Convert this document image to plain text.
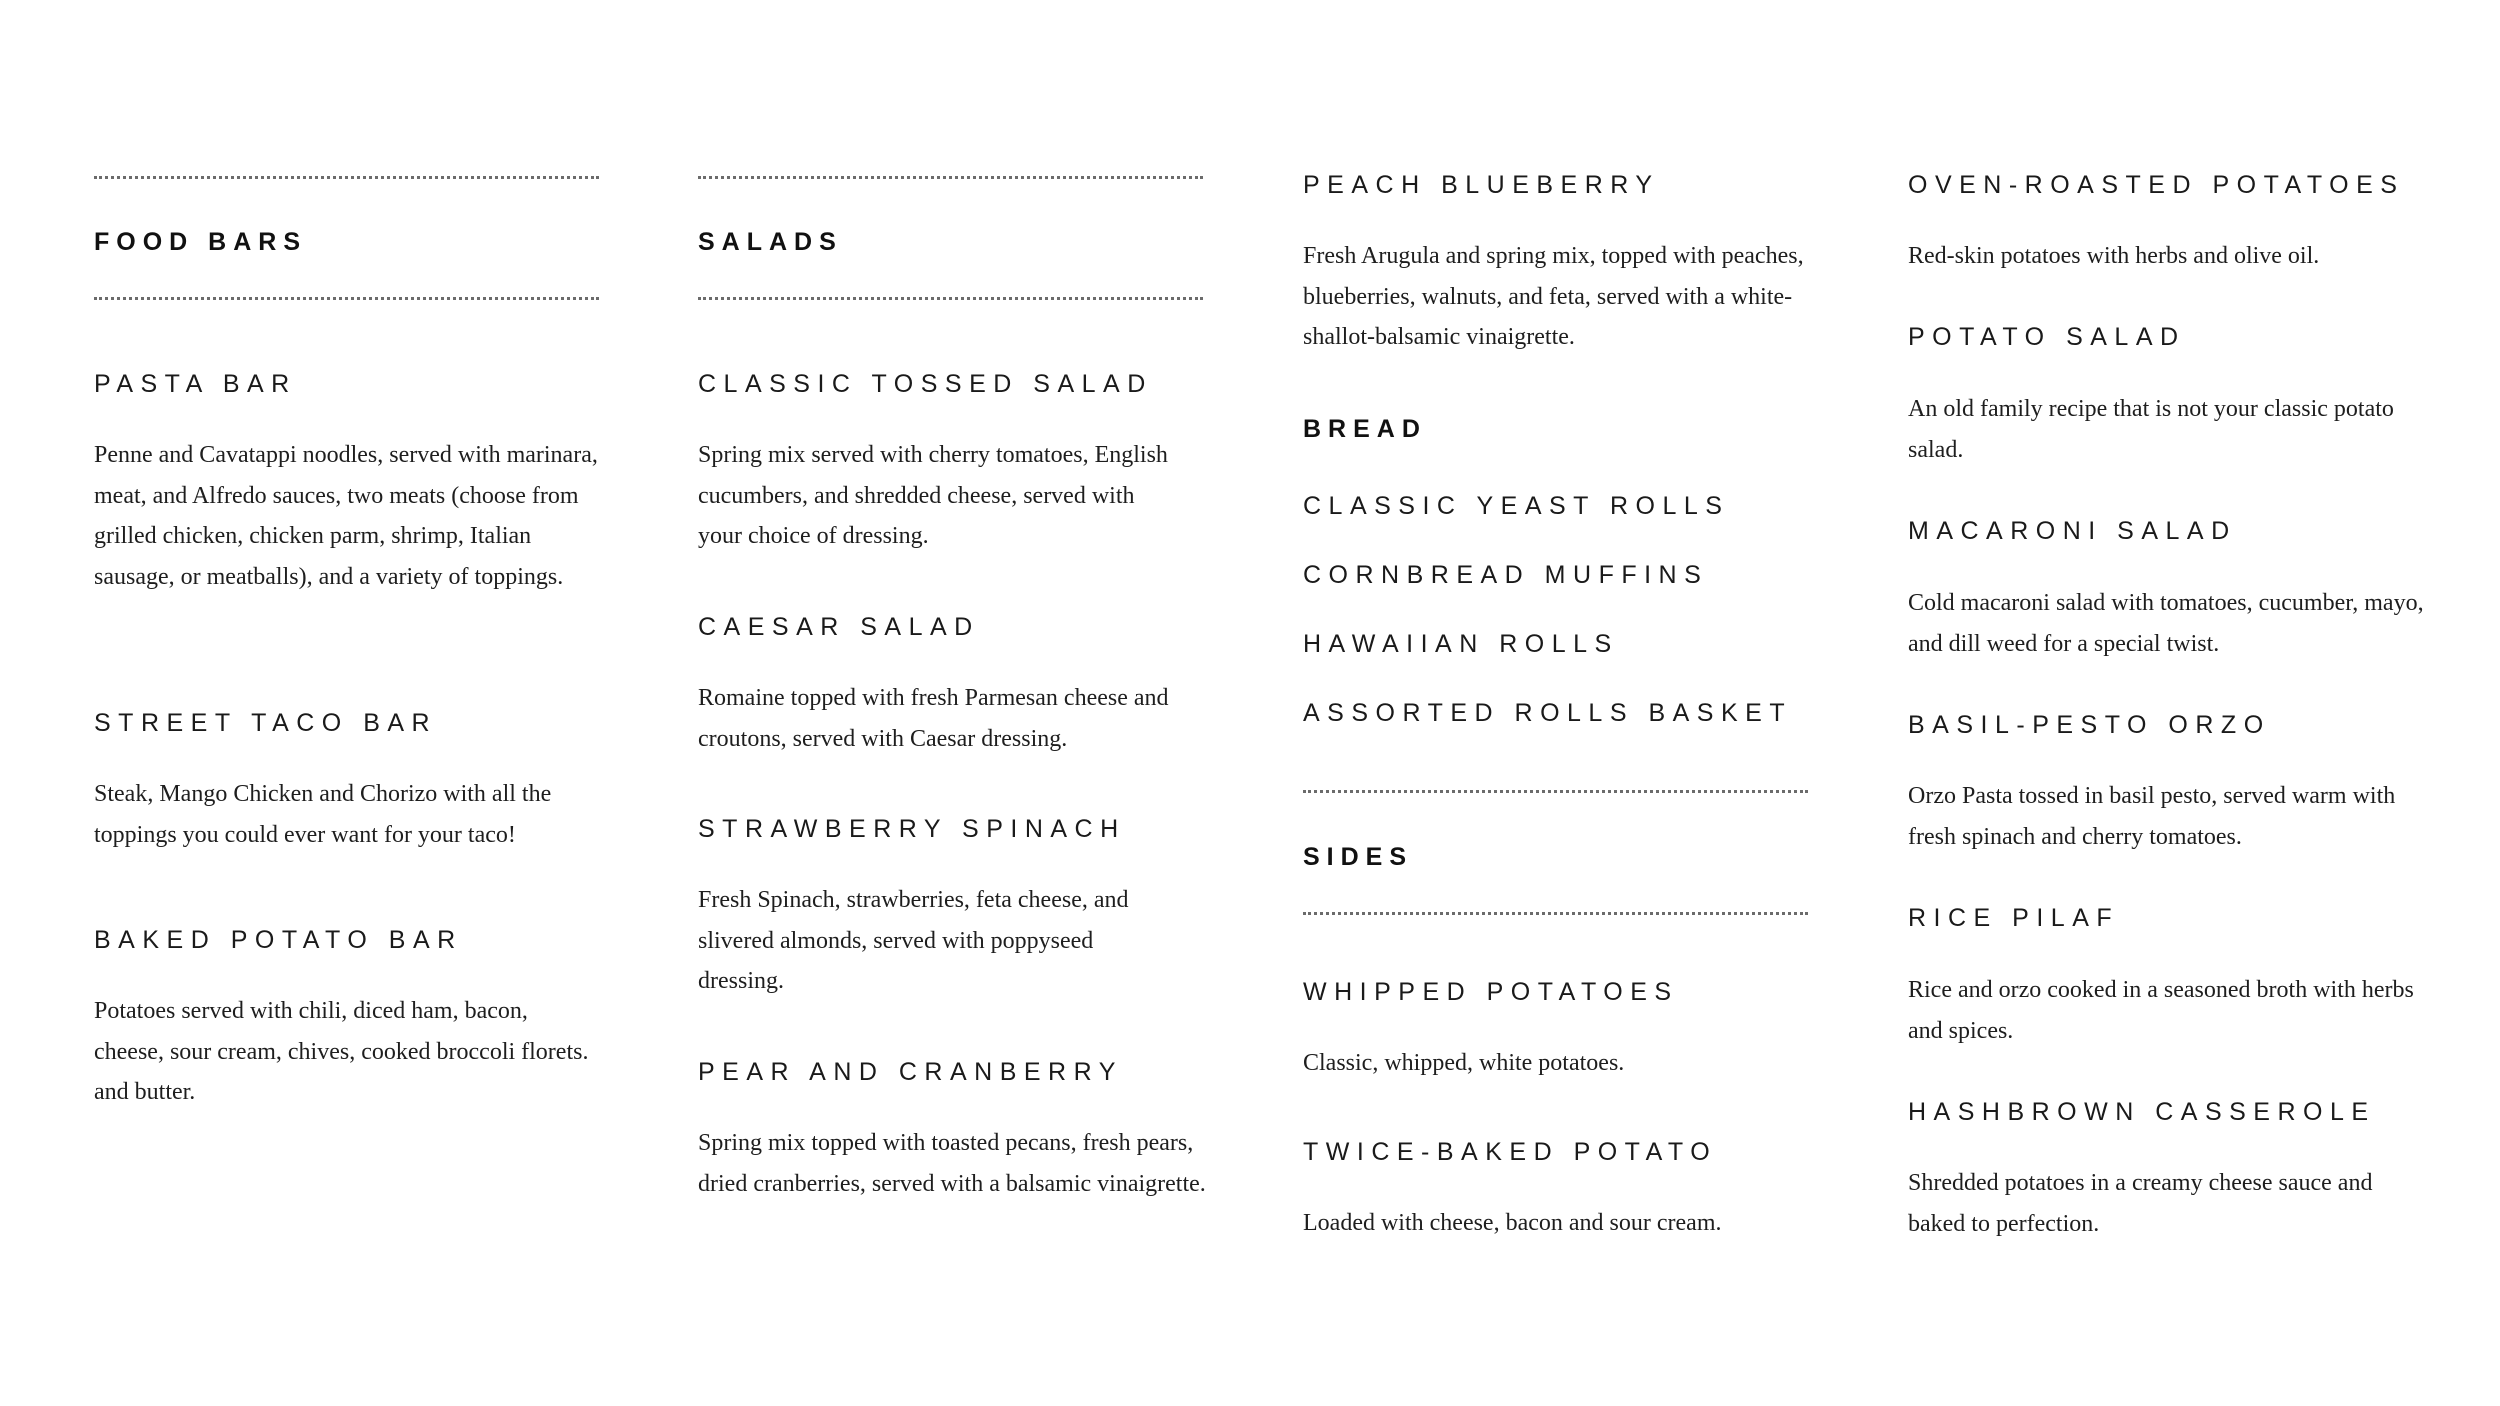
FOOD BARS
PASTA BAR
Penne and Cavatappi noodles, served with marinara, meat, and Alfredo sauces, two meats (choose from grilled chicken, chicken parm, shrimp, Italian sausage, or meatballs), and a variety of toppings.
STREET TACO BAR
Steak, Mango Chicken and Chorizo with all the toppings you could ever want for your taco!
BAKED POTATO BAR
Potatoes served with chili, diced ham, bacon, cheese, sour cream, chives, cooked broccoli florets. and butter.
SALADS
CLASSIC TOSSED SALAD
Spring mix served with cherry tomatoes, English cucumbers, and shredded cheese, served with your choice of dressing.
CAESAR SALAD
Romaine topped with fresh Parmesan cheese and croutons, served with Caesar dressing.
STRAWBERRY SPINACH
Fresh Spinach, strawberries, feta cheese, and slivered almonds, served with poppyseed dressing.
PEAR AND CRANBERRY
Spring mix topped with toasted pecans, fresh pears, dried cranberries, served with a balsamic vinaigrette.
PEACH BLUEBERRY
Fresh Arugula and spring mix, topped with peaches, blueberries, walnuts, and feta, served with a white-shallot-balsamic vinaigrette.
BREAD
CLASSIC YEAST ROLLS
CORNBREAD MUFFINS
HAWAIIAN ROLLS
ASSORTED ROLLS BASKET
SIDES
WHIPPED POTATOES
Classic, whipped, white potatoes.
TWICE-BAKED POTATO
Loaded with cheese, bacon and sour cream.
OVEN-ROASTED POTATOES
Red-skin potatoes with herbs and olive oil.
POTATO SALAD
An old family recipe that is not your classic potato salad.
MACARONI SALAD
Cold macaroni salad with tomatoes, cucumber, mayo, and dill weed for a special twist.
BASIL-PESTO ORZO
Orzo Pasta tossed in basil pesto, served warm with fresh spinach and cherry tomatoes.
RICE PILAF
Rice and orzo cooked in a seasoned broth with herbs and spices.
HASHBROWN CASSEROLE
Shredded potatoes in a creamy cheese sauce and baked to perfection.
